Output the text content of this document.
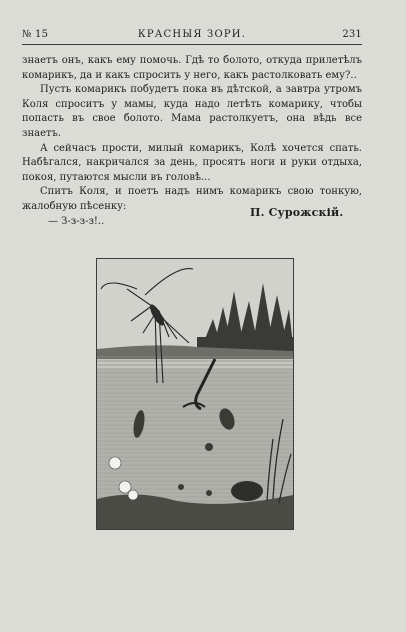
№ 15	КРАСНЫЯ ЗОРИ.	231

знаетъ онъ, какъ ему помочь. Гдѣ то болото, откуда прилетѣлъ комарикъ, да и какъ спросить у него, какъ растолковать ему?..

Пусть комарикъ побудетъ пока въ дѣтской, а завтра утромъ Коля спроситъ у мамы, куда надо летѣть комарику, чтобы попасть въ свое болото. Мама растолкуетъ, она вѣдь все знаетъ.

А сейчасъ прости, милый комарикъ, Колѣ хочется спать. Набѣгался, накричался за день, просятъ ноги и руки отдыха, покоя, путаются мысли въ головѣ...

Спитъ Коля, и поетъ надъ нимъ комарикъ свою тонкую, жалобную пѣсенку:

— З-з-з-з!..

П. Сурожскій.
